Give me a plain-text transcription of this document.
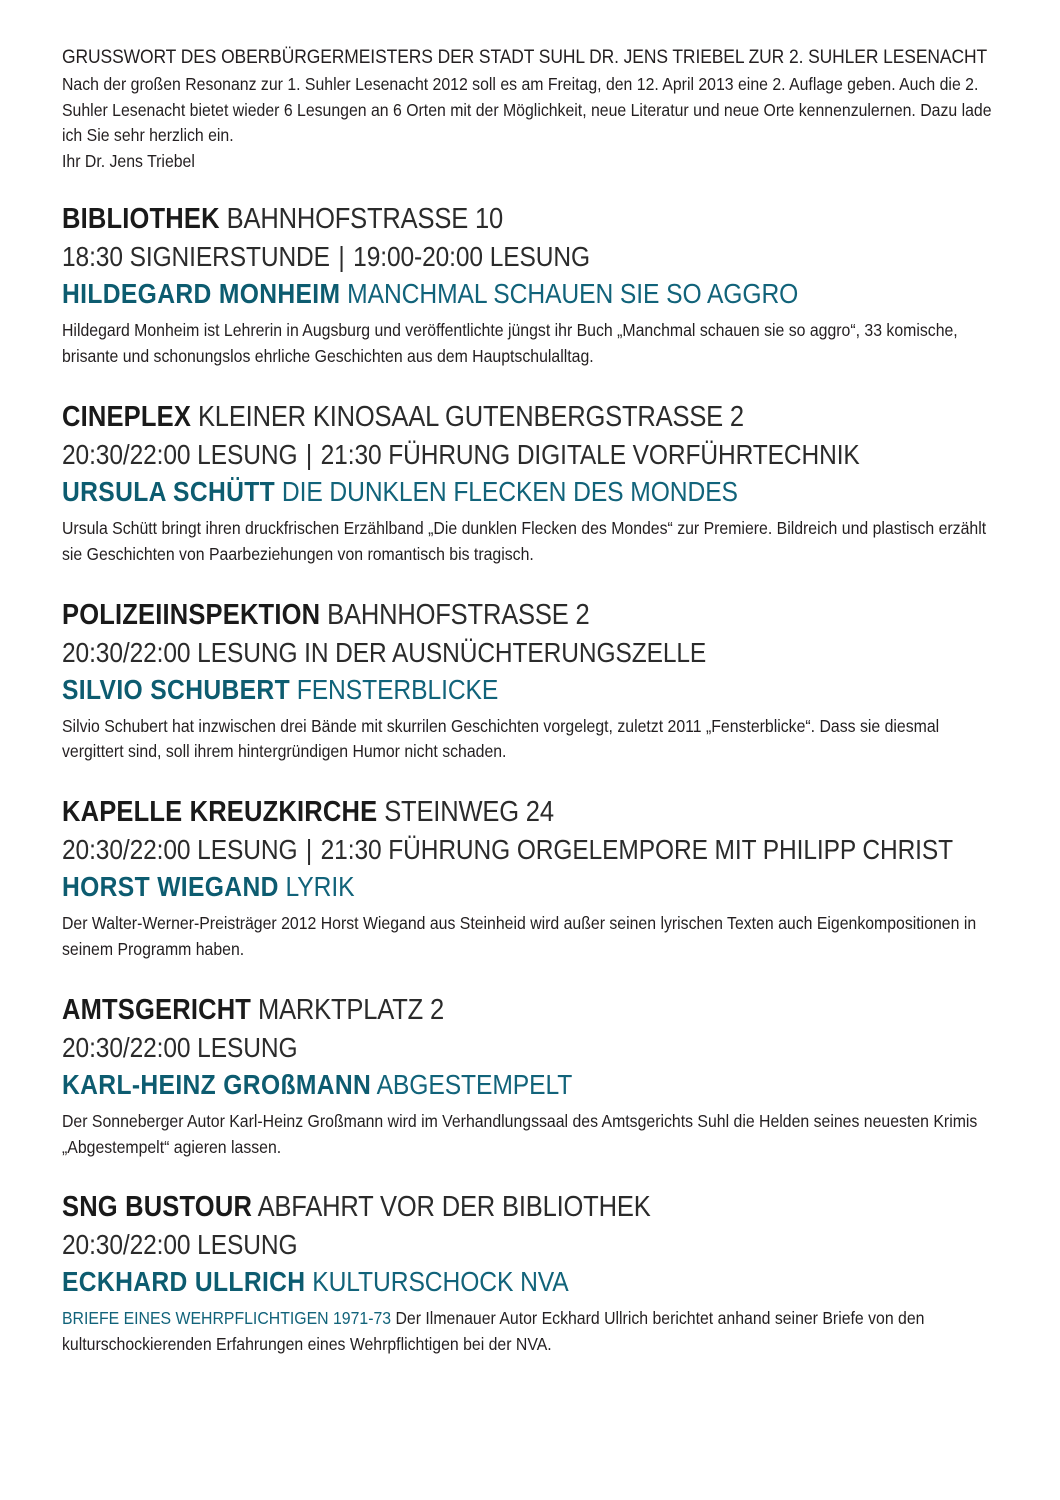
GRUSSWORT DES OBERBÜRGERMEISTERS DER STADT SUHL DR. JENS TRIEBEL ZUR 2. SUHLER LESENACHT
Nach der großen Resonanz zur 1. Suhler Lesenacht 2012 soll es am Freitag, den 12. April 2013 eine 2. Auflage geben. Auch die 2. Suhler Lesenacht bietet wieder 6 Lesungen an 6 Orten mit der Möglichkeit, neue Literatur und neue Orte kennenzulernen. Dazu lade ich Sie sehr herzlich ein.
Ihr Dr. Jens Triebel
BIBLIOTHEK BAHNHOFSTRASSE 10
18:30 SIGNIERSTUNDE | 19:00-20:00 LESUNG
HILDEGARD MONHEIM MANCHMAL SCHAUEN SIE SO AGGRO
Hildegard Monheim ist Lehrerin in Augsburg und veröffentlichte jüngst ihr Buch „Manchmal schauen sie so aggro“, 33 komische, brisante und schonungslos ehrliche Geschichten aus dem Hauptschulalltag.
CINEPLEX KLEINER KINOSAAL GUTENBERGSTRASSE 2
20:30/22:00 LESUNG | 21:30 FÜHRUNG DIGITALE VORFÜHRTECHNIK
URSULA SCHÜTT DIE DUNKLEN FLECKEN DES MONDES
Ursula Schütt bringt ihren druckfrischen Erzählband „Die dunklen Flecken des Mondes“ zur Premiere. Bildreich und plastisch erzählt sie Geschichten von Paarbeziehungen von romantisch bis tragisch.
POLIZEIINSPEKTION BAHNHOFSTRASSE 2
20:30/22:00 LESUNG IN DER AUSNÜCHTERUNGSZELLE
SILVIO SCHUBERT FENSTERBLICKE
Silvio Schubert hat inzwischen drei Bände mit skurrilen Geschichten vorgelegt, zuletzt 2011 „Fensterblicke“. Dass sie diesmal vergittert sind, soll ihrem hintergründigen Humor nicht schaden.
KAPELLE KREUZKIRCHE STEINWEG 24
20:30/22:00 LESUNG | 21:30 FÜHRUNG ORGELEMPORE MIT PHILIPP CHRIST
HORST WIEGAND LYRIK
Der Walter-Werner-Preisträger 2012 Horst Wiegand aus Steinheid wird außer seinen lyrischen Texten auch Eigenkompositionen in seinem Programm haben.
AMTSGERICHT MARKTPLATZ 2
20:30/22:00 LESUNG
KARL-HEINZ GROßMANN ABGESTEMPELT
Der Sonneberger Autor Karl-Heinz Großmann wird im Verhandlungssaal des Amtsgerichts Suhl die Helden seines neuesten Krimis „Abgestempelt“ agieren lassen.
SNG BUSTOUR ABFAHRT VOR DER BIBLIOTHEK
20:30/22:00 LESUNG
ECKHARD ULLRICH KULTURSCHOCK NVA
BRIEFE EINES WEHRPFLICHTIGEN 1971-73 Der Ilmenauer Autor Eckhard Ullrich berichtet anhand seiner Briefe von den kulturschockierenden Erfahrungen eines Wehrpflichtigen bei der NVA.
